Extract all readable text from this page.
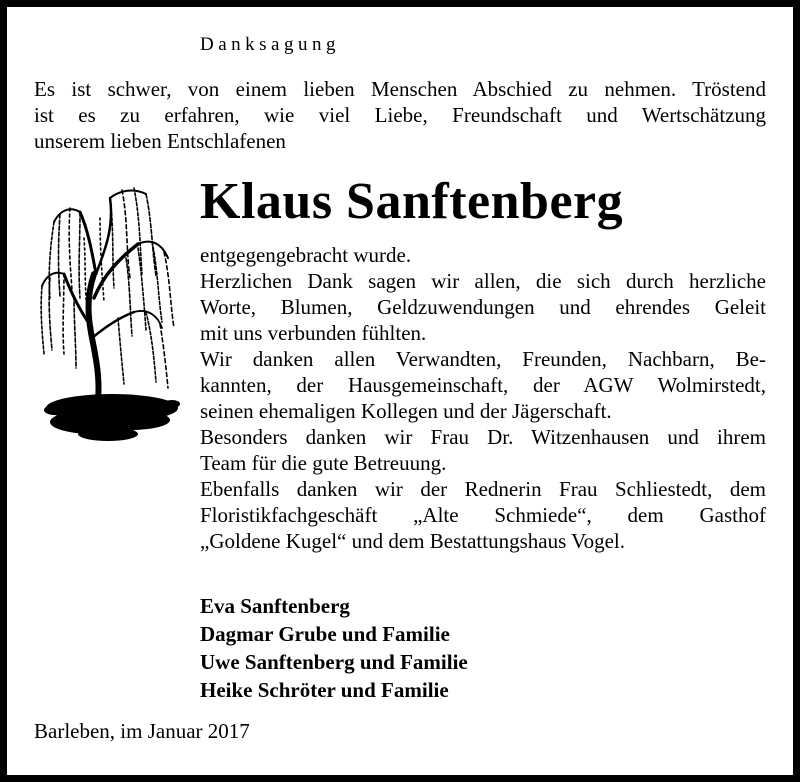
Danksagung
Es ist schwer, von einem lieben Menschen Abschied zu nehmen. Tröstend
ist es zu erfahren, wie viel Liebe, Freundschaft und Wertschätzung
unserem lieben Entschlafenen
Klaus Sanftenberg
entgegengebracht wurde.
Herzlichen Dank sagen wir allen, die sich durch herzliche
Worte, Blumen, Geldzuwendungen und ehrendes Geleit
mit uns verbunden fühlten.
Wir danken allen Verwandten, Freunden, Nachbarn, Be-
kannten, der Hausgemeinschaft, der AGW Wolmirstedt,
seinen ehemaligen Kollegen und der Jägerschaft.
Besonders danken wir Frau Dr. Witzenhausen und ihrem
Team für die gute Betreuung.
Ebenfalls danken wir der Rednerin Frau Schliestedt, dem
Floristikfachgeschäft „Alte Schmiede“, dem Gasthof
„Goldene Kugel“ und dem Bestattungshaus Vogel.
Eva Sanftenberg
Dagmar Grube und Familie
Uwe Sanftenberg und Familie
Heike Schröter und Familie
Barleben, im Januar 2017
